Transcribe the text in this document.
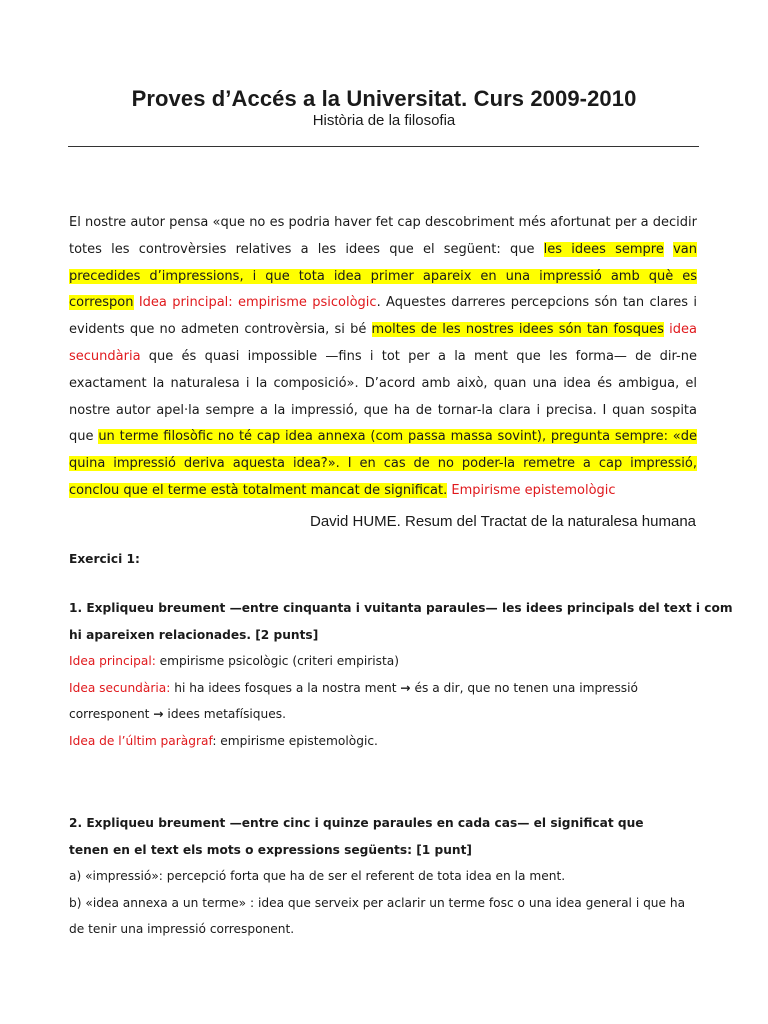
Proves d’Accés a la Universitat. Curs 2009-2010
Història de la filosofia
El nostre autor pensa «que no es podria haver fet cap descobriment més afortunat per a decidir totes les controvèrsies relatives a les idees que el següent: que les idees sempre van precedides d’impressions, i que tota idea primer apareix en una impressió amb què es correspon Idea principal: empirisme psicològic. Aquestes darreres percepcions són tan clares i evidents que no admeten controvèrsia, si bé moltes de les nostres idees són tan fosques idea secundària que és quasi impossible —fins i tot per a la ment que les forma— de dir-ne exactament la naturalesa i la composició». D’acord amb això, quan una idea és ambigua, el nostre autor apel·la sempre a la impressió, que ha de tornar-la clara i precisa. I quan sospita que un terme filosòfic no té cap idea annexa (com passa massa sovint), pregunta sempre: «de quina impressió deriva aquesta idea?». I en cas de no poder-la remetre a cap impressió, conclou que el terme està totalment mancat de significat. Empirisme epistemològic
David HUME. Resum del Tractat de la naturalesa humana
Exercici 1:
1. Expliqueu breument —entre cinquanta i vuitanta paraules— les idees principals del text i com
hi apareixen relacionades. [2 punts]
Idea principal: empirisme psicològic (criteri empirista)
Idea secundària: hi ha idees fosques a la nostra ment → és a dir, que no tenen una impressió
corresponent → idees metafísiques.
Idea de l’últim paràgraf: empirisme epistemològic.
2. Expliqueu breument —entre cinc i quinze paraules en cada cas— el significat que
tenen en el text els mots o expressions següents: [1 punt]
a) «impressió»: percepció forta que ha de ser el referent de tota idea en la ment.
b) «idea annexa a un terme» : idea que serveix per aclarir un terme fosc o una idea general i que ha
de tenir una impressió corresponent.
